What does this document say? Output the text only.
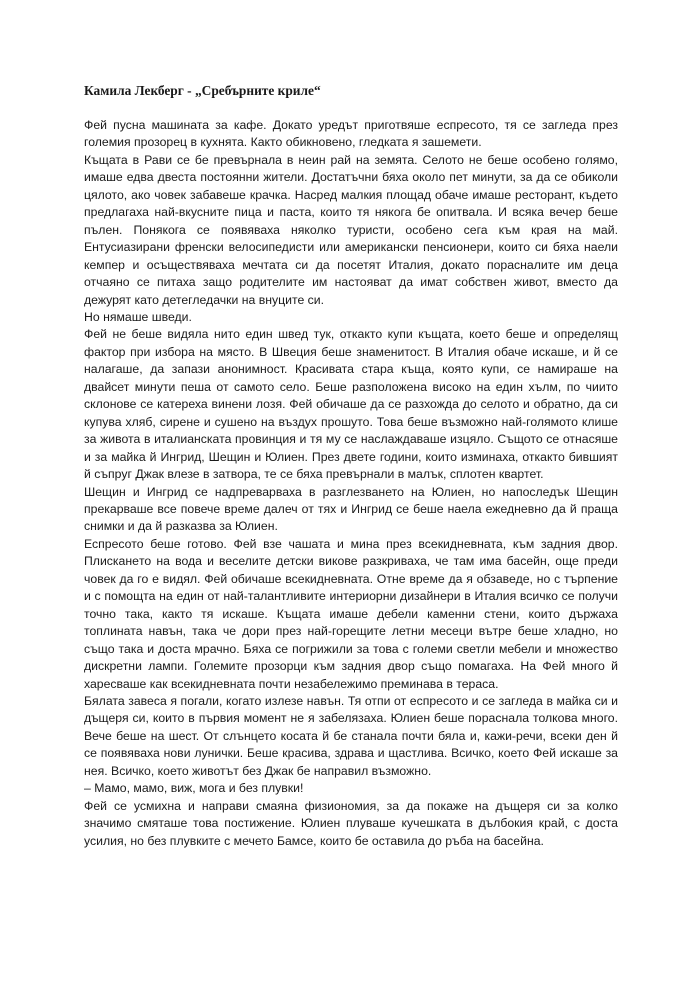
Камила Лекберг - „Сребърните криле“

Фей пусна машината за кафе. Докато уредът приготвяше еспресото, тя се загледа през големия прозорец в кухнята. Както обикновено, гледката я зашемети.

Къщата в Рави се бе превърнала в неин рай на земята. Селото не беше особено голямо, имаше едва двеста постоянни жители. Достатъчни бяха около пет минути, за да се обиколи цялото, ако човек забавеше крачка. Насред малкия площад обаче имаше ресторант, където предлагаха най-вкусните пица и паста, които тя някога бе опитвала. И всяка вечер беше пълен. Понякога се появяваха няколко туристи, особено сега към края на май. Ентусиазирани френски велосипедисти или американски пенсионери, които си бяха наели кемпер и осъществяваха мечтата си да посетят Италия, докато порасналите им деца отчаяно се питаха защо родителите им настояват да имат собствен живот, вместо да дежурят като детегледачки на внуците си.

Но нямаше шведи.

Фей не беше видяла нито един швед тук, откакто купи къщата, което беше и определящ фактор при избора на място. В Швеция беше знаменитост. В Италия обаче искаше, и й се налагаше, да запази анонимност. Красивата стара къща, която купи, се намираше на двайсет минути пеша от самото село. Беше разположена високо на един хълм, по чиито склонове се катереха винени лозя. Фей обичаше да се разхожда до селото и обратно, да си купува хляб, сирене и сушено на въздух прошуто. Това беше възможно най-голямото клише за живота в италианската провинция и тя му се наслаждаваше изцяло. Същото се отнасяше и за майка й Ингрид, Шещин и Юлиен. През двете години, които изминаха, откакто бившият й съпруг Джак влезе в затвора, те се бяха превърнали в малък, сплотен квартет.

Шещин и Ингрид се надпреварваха в разглезването на Юлиен, но напоследък Шещин прекарваше все повече време далеч от тях и Ингрид се беше наела ежедневно да й праща снимки и да й разказва за Юлиен.

Еспресото беше готово. Фей взе чашата и мина през всекидневната, към задния двор. Плисканeто на вода и веселите детски викове разкриваха, че там има басейн, още преди човек да го е видял. Фей обичаше всекидневната. Отне време да я обзаведе, но с търпение и с помощта на един от най-талантливите интериорни дизайнери в Италия всичко се получи точно така, както тя искаше. Къщата имаше дебели каменни стени, които държаха топлината навън, така че дори през най-горещите летни месеци вътре беше хладно, но също така и доста мрачно. Бяха се погрижили за това с големи светли мебели и множество дискретни лампи. Големите прозорци към задния двор също помагаха. На Фей много й харесваше как всекидневната почти незабележимо преминава в тераса.

Бялата завеса я погали, когато излезе навън. Тя отпи от еспресото и се загледа в майка си и дъщеря си, които в първия момент не я забелязаха. Юлиен беше пораснала толкова много. Вече беше на шест. От слънцето косата й бе станала почти бяла и, кажи-речи, всеки ден й се появяваха нови лунички. Беше красива, здрава и щастлива. Всичко, което Фей искаше за нея. Всичко, което животът без Джак бе направил възможно.

– Мамо, мамо, виж, мога и без плувки!

Фей се усмихна и направи смаяна физиономия, за да покаже на дъщеря си за колко значимо смяташе това постижение. Юлиен плуваше кучешката в дълбокия край, с доста усилия, но без плувките с мечето Бамсе, които бе оставила до ръба на басейна.
